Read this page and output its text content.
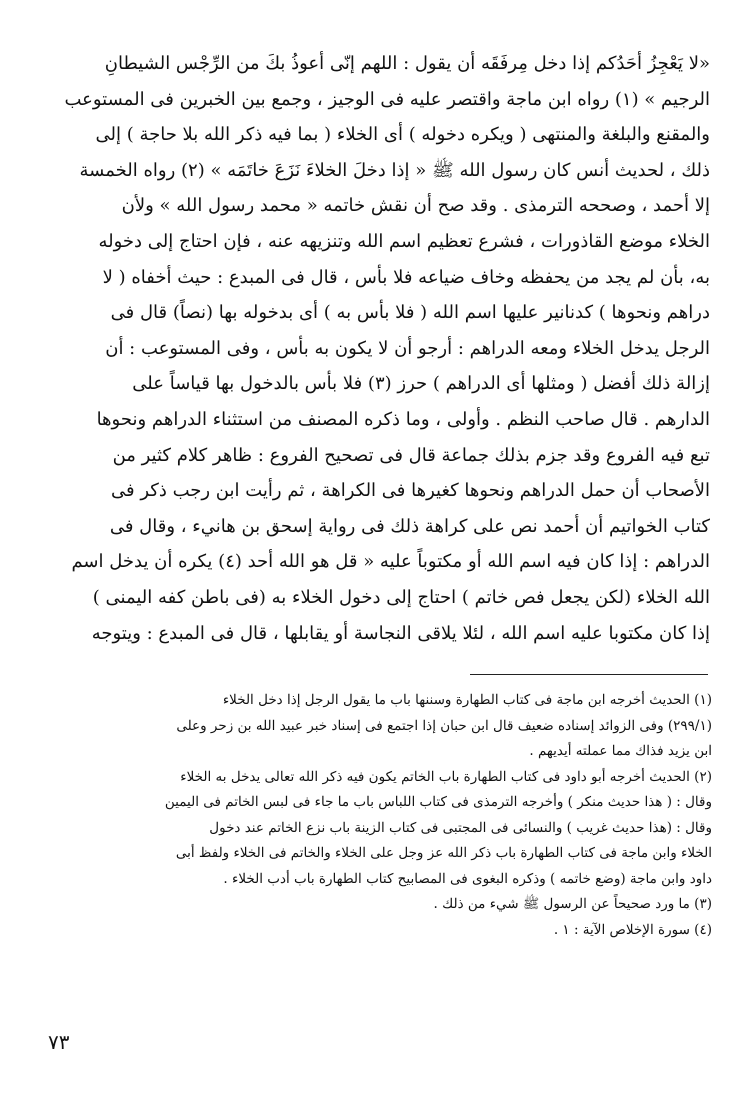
«لا يَعْجِزُ أحَدُكم إذا دخل مِرفَقَه أن يقول : اللهم إنّى أعوذُ بكَ من الرِّجْس الشيطانِ

الرجيم » (١) رواه ابن ماجة واقتصر عليه فى الوجيز ، وجمع بين الخبرين فى المستوعب

والمقنع والبلغة والمنتهى ( ويكره دخوله ) أى الخلاء ( بما فيه ذكر الله بلا حاجة ) إلى

ذلك ، لحديث أنس كان رسول الله ﷺ « إذا دخلَ الخلاءَ نَزَعَ خاتَمَه » (٢) رواه الخمسة

إلا أحمد ، وصححه الترمذى . وقد صح أن نقش خاتمه « محمد رسول الله » ولأن

الخلاء موضع القاذورات ، فشرع تعظيم اسم الله وتنزيهه عنه ، فإن احتاج إلى دخوله

به، بأن لم يجد من يحفظه وخاف ضياعه فلا بأس ، قال فى المبدع : حيث أخفاه ( لا

دراهم ونحوها ) كدنانير عليها اسم الله ( فلا بأس به ) أى بدخوله بها (نصاً) قال فى

الرجل يدخل الخلاء ومعه الدراهم : أرجو أن لا يكون به بأس ، وفى المستوعب : أن

إزالة ذلك أفضل ( ومثلها أى الدراهم ) حرز (٣) فلا بأس بالدخول بها قياساً على

الدارهم . قال صاحب النظم . وأولى ، وما ذكره المصنف من استثناء الدراهم ونحوها

تبع فيه الفروع وقد جزم بذلك جماعة قال فى تصحيح الفروع : ظاهر كلام كثير من

الأصحاب أن حمل الدراهم ونحوها كغيرها فى الكراهة ، ثم رأيت ابن رجب ذكر فى

كتاب الخواتيم أن أحمد نص على كراهة ذلك فى رواية إسحق بن هانيء ، وقال فى

الدراهم : إذا كان فيه اسم الله أو مكتوباً عليه « قل هو الله أحد (٤) يكره أن يدخل اسم

الله الخلاء (لكن يجعل فص خاتم ) احتاج إلى دخول الخلاء به (فى باطن كفه اليمنى )

إذا كان مكتوبا عليه اسم الله ، لئلا يلاقى النجاسة أو يقابلها ، قال فى المبدع : ويتوجه

(١) الحديث أخرجه ابن ماجة فى كتاب الطهارة وسننها باب ما يقول الرجل إذا دخل الخلاء

(٢٩٩/١) وفى الزوائد إسناده ضعيف قال ابن حبان إذا اجتمع فى إسناد خبر عبيد الله بن زحر وعلى

ابن يزيد فذاك مما عملته أيديهم .

(٢) الحديث أخرجه أبو داود فى كتاب الطهارة باب الخاتم يكون فيه ذكر الله تعالى يدخل به الخلاء

وقال : ( هذا حديث منكر ) وأخرجه الترمذى فى كتاب اللباس باب ما جاء فى لبس الخاتم فى اليمين

وقال : (هذا حديث غريب ) والنسائى فى المجتبى فى كتاب الزينة باب نزع الخاتم عند دخول

الخلاء وابن ماجة فى كتاب الطهارة باب ذكر الله عز وجل على الخلاء والخاتم فى الخلاء ولفظ أبى

داود وابن ماجة (وضع خاتمه ) وذكره البغوى فى المصابيح كتاب الطهارة باب أدب الخلاء .

(٣) ما ورد صحيحاً عن الرسول ﷺ شيء من ذلك .

(٤) سورة الإخلاص الآية : ١ .

٧٣
